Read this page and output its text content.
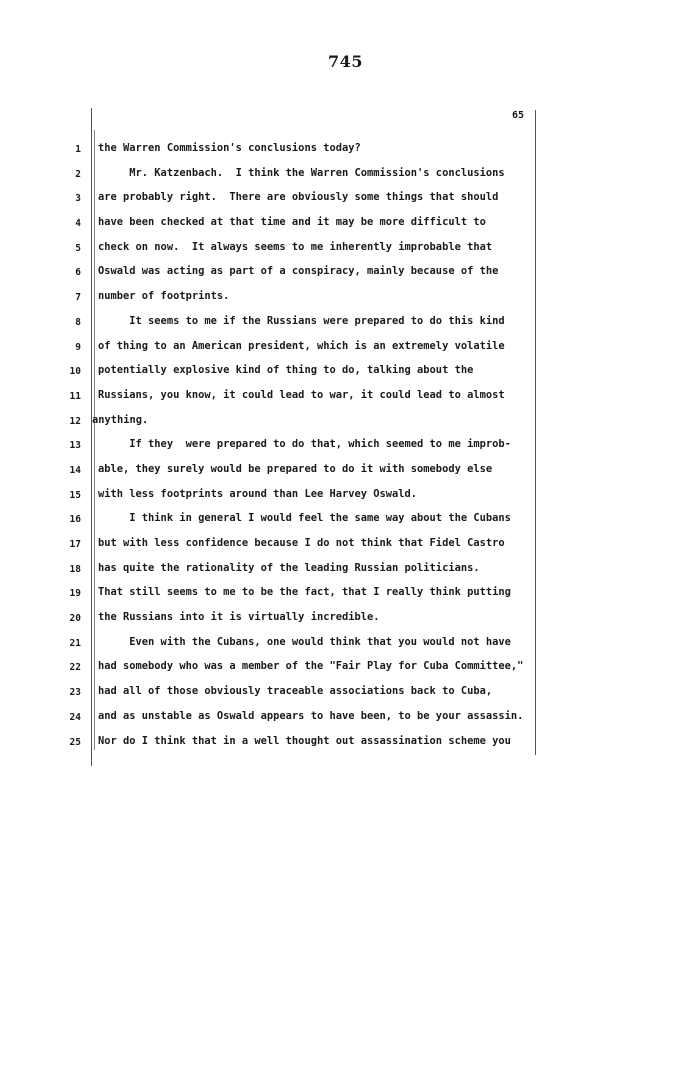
745
65
1 the Warren Commission's conclusions today?
2 Mr. Katzenbach.  I think the Warren Commission's conclusions
3 are probably right.  There are obviously some things that should
4 have been checked at that time and it may be more difficult to
5 check on now.  It always seems to me inherently improbable that
6 Oswald was acting as part of a conspiracy, mainly because of the
7 number of footprints.
8 It seems to me if the Russians were prepared to do this kind
9 of thing to an American president, which is an extremely volatile
10 potentially explosive kind of thing to do, talking about the
11 Russians, you know, it could lead to war, it could lead to almost
12 anything.
13 If they  were prepared to do that, which seemed to me improb-
14 able, they surely would be prepared to do it with somebody else
15 with less footprints around than Lee Harvey Oswald.
16 I think in general I would feel the same way about the Cubans
17 but with less confidence because I do not think that Fidel Castro
18 has quite the rationality of the leading Russian politicians.
19 That still seems to me to be the fact, that I really think putting
20 the Russians into it is virtually incredible.
21 Even with the Cubans, one would think that you would not have
22 had somebody who was a member of the "Fair Play for Cuba Committee,"
23 had all of those obviously traceable associations back to Cuba,
24 and as unstable as Oswald appears to have been, to be your assassin.
25 Nor do I think that in a well thought out assassination scheme you
